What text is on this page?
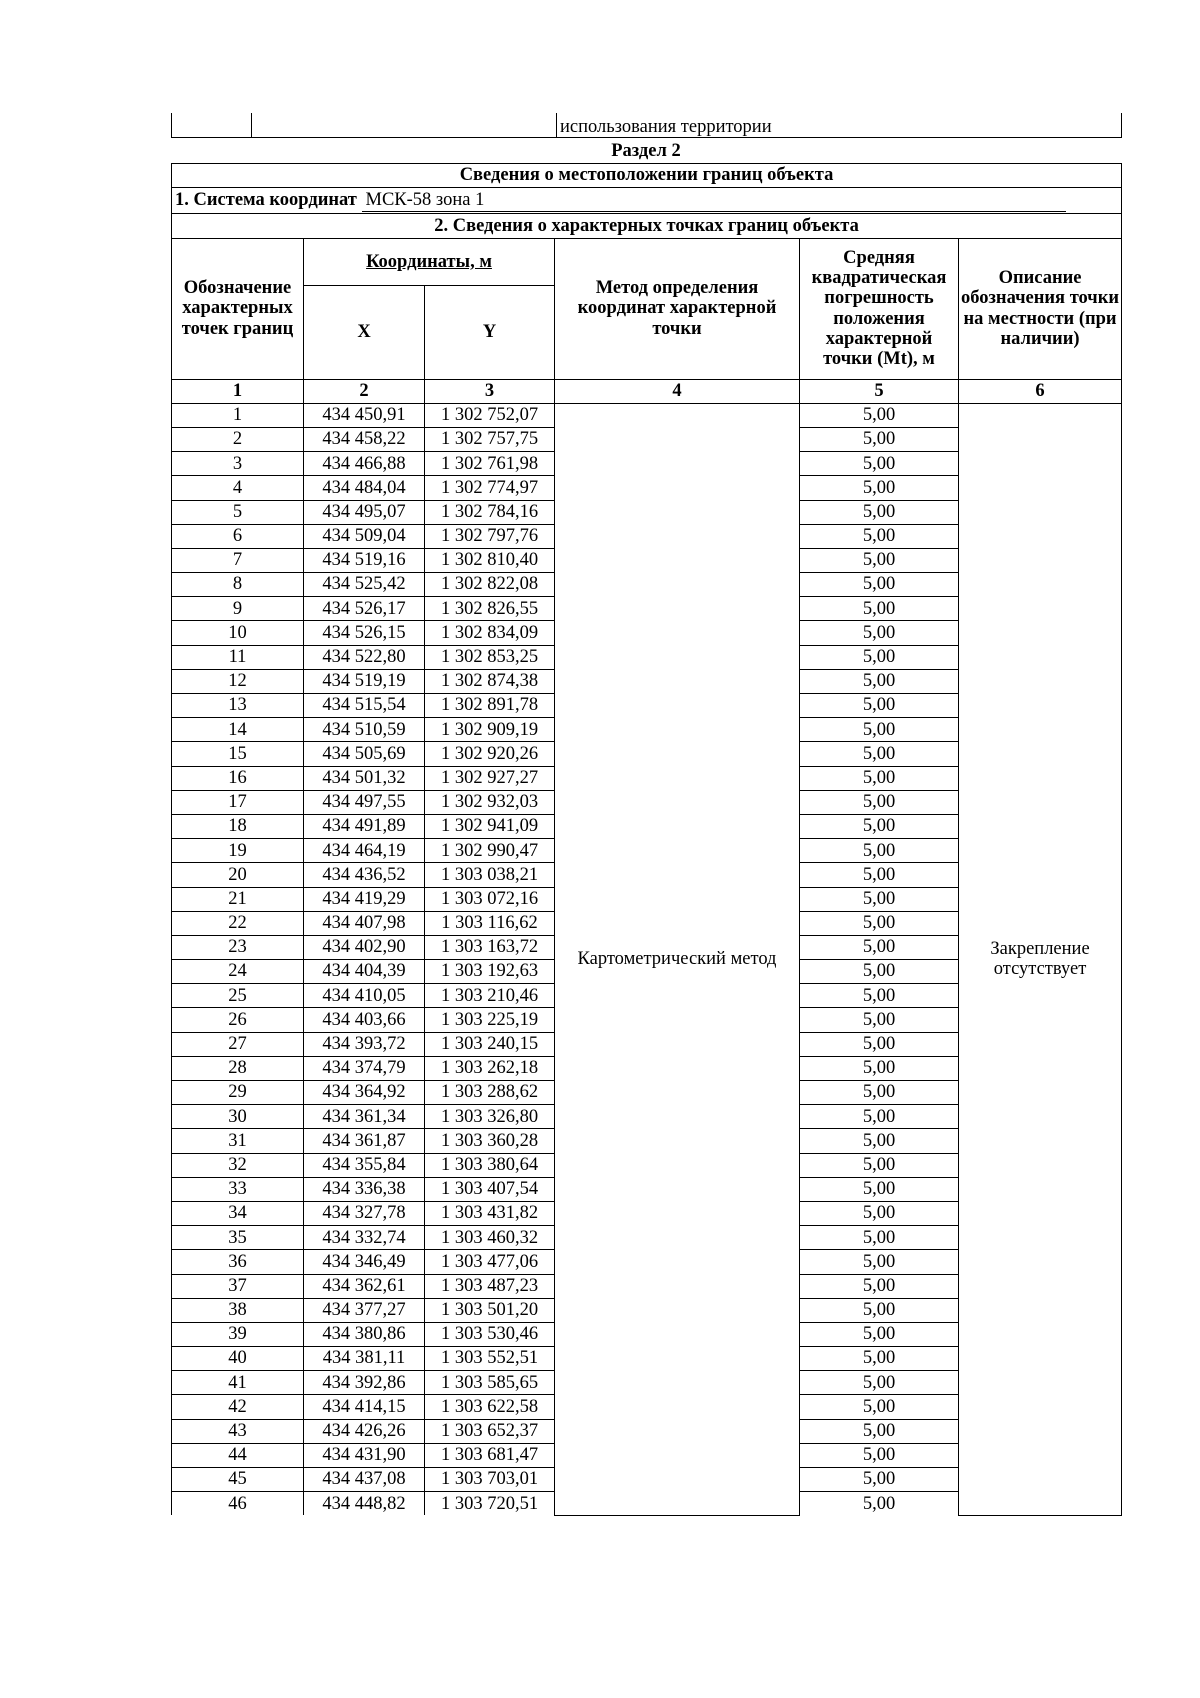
		использования территории
Раздел 2
Сведения о местоположении границ объекта					
1. Система координат МСК-58 зона 1					
2. Сведения о характерных точках границ объекта					
Обозначение характерных точек границ	Координаты, м		Метод определения координат характерной точки	Средняя квадратическая погрешность положения характерной точки (Mt), м	Описание обозначения точки на местности (при наличии)
	X	Y			
1	2	3	4	5	6
1	434 450,91	1 302 752,07	Картометрический метод	5,00	Закрепление отсутствует

2	434 458,22	1 302 757,75		5,00	
3	434 466,88	1 302 761,98		5,00	
4	434 484,04	1 302 774,97		5,00	
5	434 495,07	1 302 784,16		5,00	
6	434 509,04	1 302 797,76		5,00	
7	434 519,16	1 302 810,40		5,00	
8	434 525,42	1 302 822,08		5,00	
9	434 526,17	1 302 826,55		5,00	
10	434 526,15	1 302 834,09		5,00	
11	434 522,80	1 302 853,25		5,00	
12	434 519,19	1 302 874,38		5,00	
13	434 515,54	1 302 891,78		5,00	
14	434 510,59	1 302 909,19		5,00	
15	434 505,69	1 302 920,26		5,00	
16	434 501,32	1 302 927,27		5,00	
17	434 497,55	1 302 932,03		5,00	
18	434 491,89	1 302 941,09		5,00	
19	434 464,19	1 302 990,47		5,00	
20	434 436,52	1 303 038,21		5,00	
21	434 419,29	1 303 072,16		5,00	
22	434 407,98	1 303 116,62		5,00	
23	434 402,90	1 303 163,72		5,00	
24	434 404,39	1 303 192,63		5,00	
25	434 410,05	1 303 210,46		5,00	
26	434 403,66	1 303 225,19		5,00	
27	434 393,72	1 303 240,15		5,00	
28	434 374,79	1 303 262,18		5,00	
29	434 364,92	1 303 288,62		5,00	
30	434 361,34	1 303 326,80		5,00	
31	434 361,87	1 303 360,28		5,00	
32	434 355,84	1 303 380,64		5,00	
33	434 336,38	1 303 407,54		5,00	
34	434 327,78	1 303 431,82		5,00	
35	434 332,74	1 303 460,32		5,00	
36	434 346,49	1 303 477,06		5,00	
37	434 362,61	1 303 487,23		5,00	
38	434 377,27	1 303 501,20		5,00	
39	434 380,86	1 303 530,46		5,00	
40	434 381,11	1 303 552,51		5,00	
41	434 392,86	1 303 585,65		5,00	
42	434 414,15	1 303 622,58		5,00	
43	434 426,26	1 303 652,37		5,00	
44	434 431,90	1 303 681,47		5,00	
45	434 437,08	1 303 703,01		5,00	
46	434 448,82	1 303 720,51		5,00	
